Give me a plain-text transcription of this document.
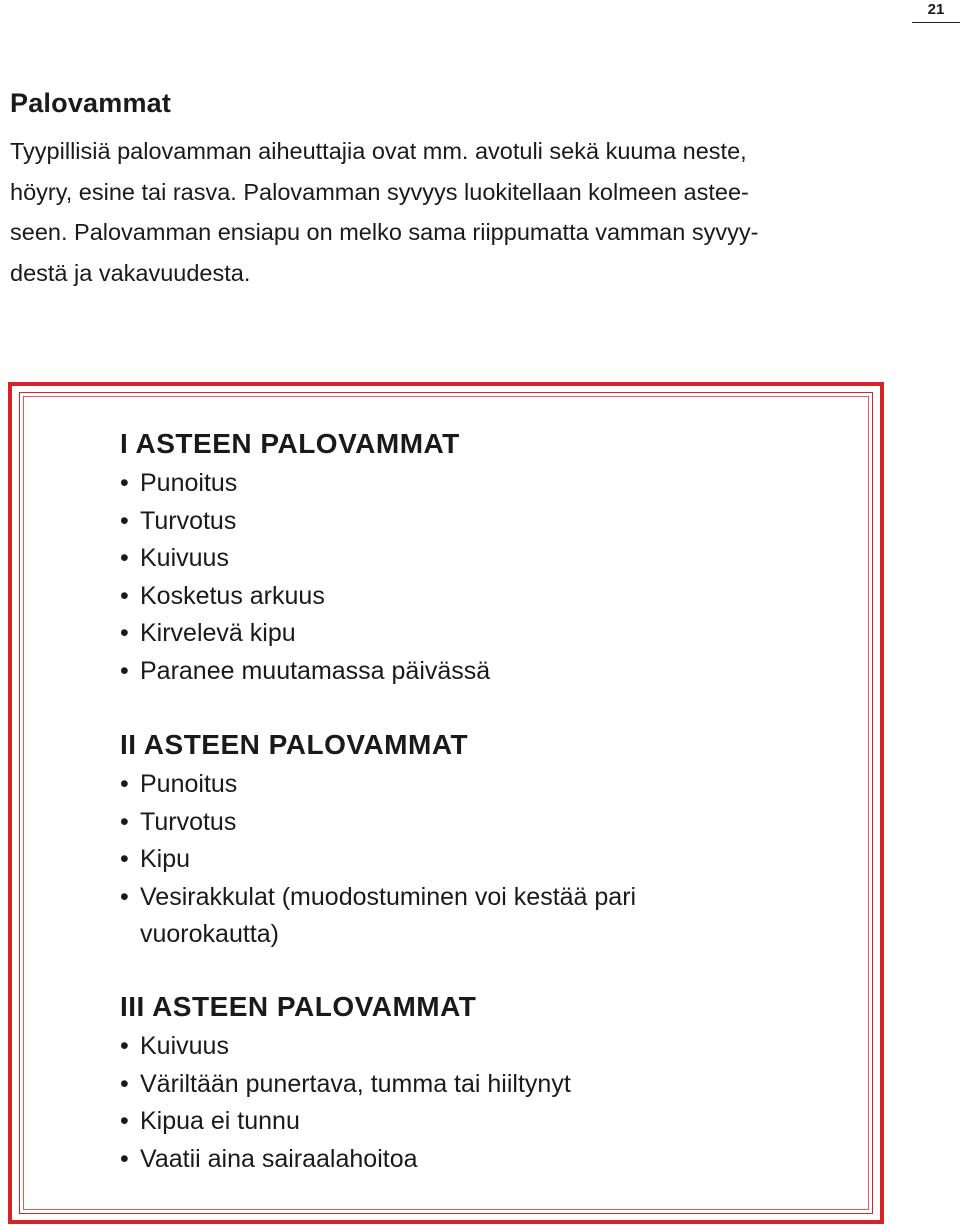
21
Palovammat
Tyypillisiä palovamman aiheuttajia ovat mm. avotuli sekä kuuma neste,
höyry, esine tai rasva. Palovamman syvyys luokitellaan kolmeen astee-
seen. Palovamman ensiapu on melko sama riippumatta vamman syvyy-
destä ja vakavuudesta.
I ASTEEN PALOVAMMAT
• Punoitus
• Turvotus
• Kuivuus
• Kosketus arkuus
• Kirvelevä kipu
• Paranee muutamassa päivässä
II ASTEEN PALOVAMMAT
• Punoitus
• Turvotus
• Kipu
• Vesirakkulat (muodostuminen voi kestää pari
vuorokautta)
III ASTEEN PALOVAMMAT
• Kuivuus
• Väriltään punertava, tumma tai hiiltynyt
• Kipua ei tunnu
• Vaatii aina sairaalahoitoa
